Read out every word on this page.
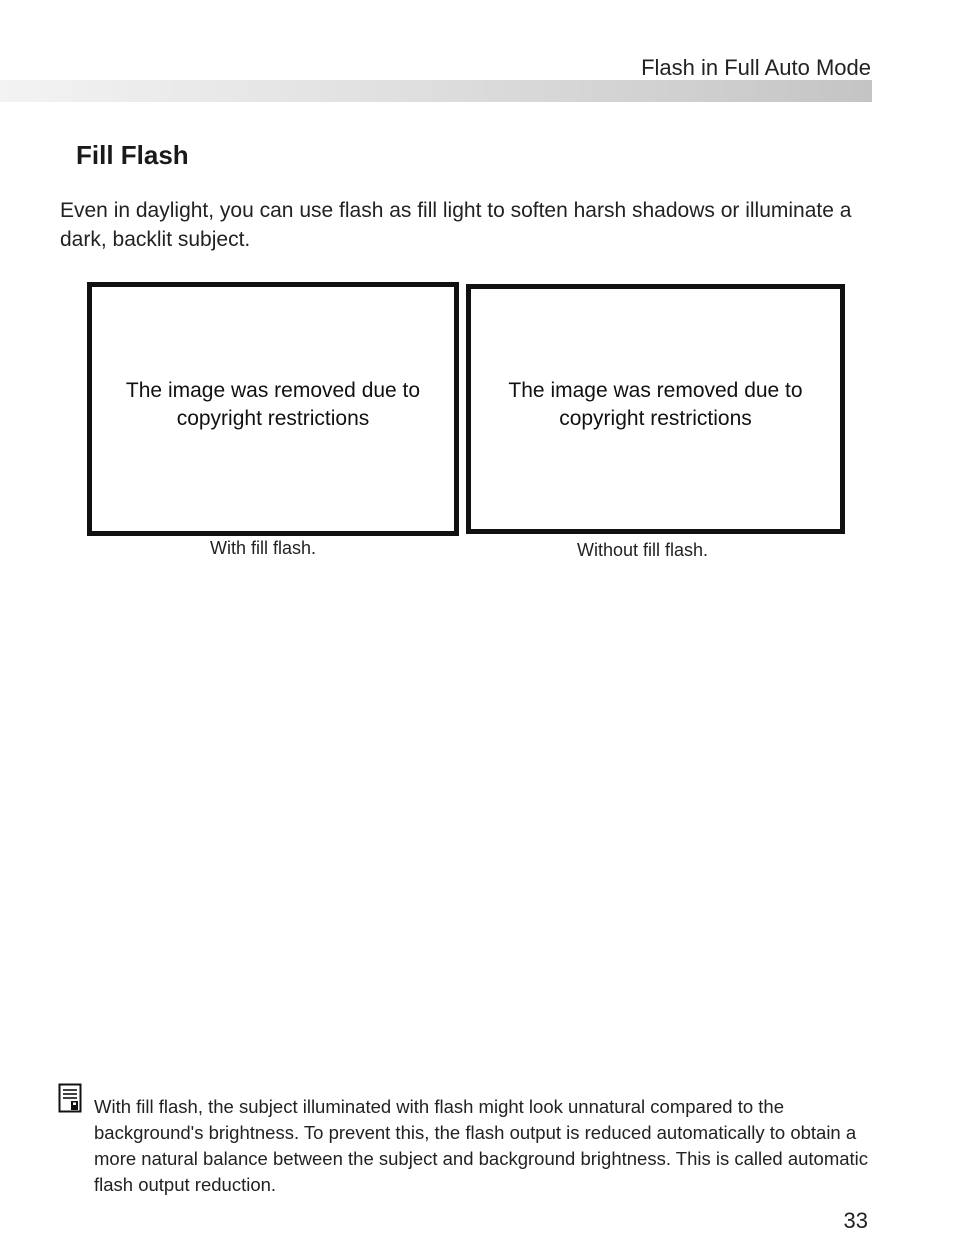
Flash in Full Auto Mode
Fill Flash
Even in daylight, you can use flash as fill light to soften harsh shadows or illuminate a dark, backlit subject.
The image was removed due to copyright restrictions
The image was removed due to copyright restrictions
With fill flash.	Without fill flash.
With fill flash, the subject illuminated with flash might look unnatural compared to the background's brightness. To prevent this, the flash output is reduced automatically to obtain a more natural balance between the subject and background brightness. This is called automatic flash output reduction.
33
